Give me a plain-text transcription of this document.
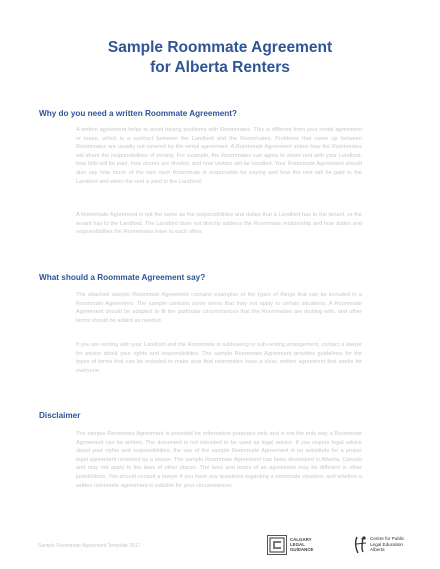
Sample Roommate Agreement
for Alberta Renters
Why do you need a written Roommate Agreement?

A written agreement helps to avoid having problems with Roommates. This is different from your rental agreement or lease, which is a contract between the Landlord and the Roommates. Problems that come up between Roommates are usually not covered by the rental agreement. A Roommate Agreement states how the Roommates will share the responsibilities of renting. For example, the Roommates can agree to share rent with your Landlord, how bills will be paid, how chores are divided, and how visitors will be handled. Your Roommate Agreement should also say how much of the rent each Roommate is responsible for paying and how the rent will be paid to the Landlord and when the rent is paid to the Landlord.

A Roommate Agreement is not the same as the responsibilities and duties that a Landlord has to the tenant, or the tenant has to the Landlord. The Landlord does not directly address the Roommate relationship and how duties and responsibilities the Roommates have to each other.

What should a Roommate Agreement say?

The attached sample Roommate Agreement contains examples of the types of things that can be included in a Roommate Agreement. The sample contains some terms that may not apply to certain situations. A Roommate Agreement should be adapted to fit the particular circumstances that the Roommates are dealing with, and other terms should be added as needed.

If you are renting with your Landlord and the Roommate is subleasing or sub-renting arrangement, contact a lawyer for advice about your rights and responsibilities. The sample Roommate Agreement provides guidelines for the types of terms that can be included to make sure that roommates have a clear, written agreement that works for everyone.

Disclaimer

The sample Roommate Agreement is provided for information purposes only and is not the only way a Roommate Agreement can be written. The document is not intended to be used as legal advice. If you require legal advice about your rights and responsibilities, the use of the sample Roommate Agreement is no substitute for a proper legal agreement reviewed by a lawyer. The sample Roommate Agreement has been developed in Alberta, Canada and may not apply to the laws of other places. The laws and terms of an agreement may be different in other jurisdictions. You should consult a lawyer if you have any questions regarding a roommate situation, and whether a written roommate agreement is suitable for your circumstances.

Sample Roommate Agreement Template 2017
CALGARY
LEGAL
GUIDANCE
Centre for Public
Legal Education
Alberta
